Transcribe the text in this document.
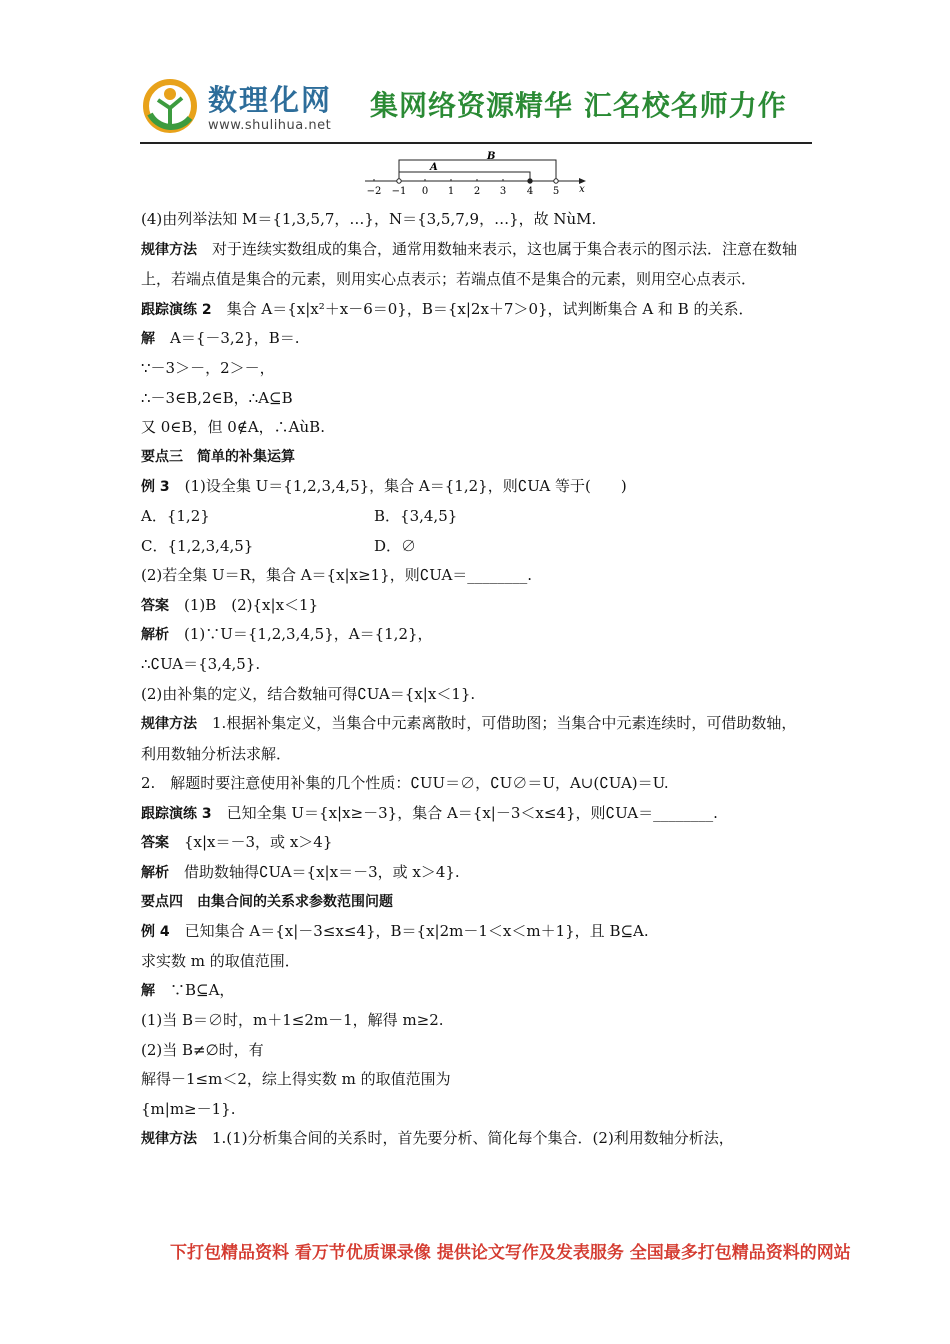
数理化网
www.shulihua.net
集网络资源精华 汇名校名师力作
B
A
−2 −1 0 1 2 3 4 5 x
(4)由列举法知 M＝{1,3,5,7，…}，N＝{3,5,7,9，…}，故 NùM.
规律方法　对于连续实数组成的集合，通常用数轴来表示，这也属于集合表示的图示法．注意在数轴上，若端点值是集合的元素，则用实心点表示；若端点值不是集合的元素，则用空心点表示．
跟踪演练 2　集合 A＝{x|x²＋x－6＝0}，B＝{x|2x＋7＞0}，试判断集合 A 和 B 的关系．
解　A＝{－3,2}，B＝.
∵－3＞－，2＞－，
∴－3∈B,2∈B，∴A⊆B
又 0∈B，但 0∉A，∴AùB.
要点三　简单的补集运算
例 3　(1)设全集 U＝{1,2,3,4,5}，集合 A＝{1,2}，则∁UA 等于(　　)
A．{1,2}	B．{3,4,5}
C．{1,2,3,4,5}	D．∅
(2)若全集 U＝R，集合 A＝{x|x≥1}，则∁UA＝________.
答案　(1)B　(2){x|x＜1}
解析　(1)∵U＝{1,2,3,4,5}，A＝{1,2}，
∴∁UA＝{3,4,5}.
(2)由补集的定义，结合数轴可得∁UA＝{x|x＜1}.
规律方法　1.根据补集定义，当集合中元素离散时，可借助图；当集合中元素连续时，可借助数轴，利用数轴分析法求解．
2.　解题时要注意使用补集的几个性质：∁UU＝∅，∁U∅＝U，A∪(∁UA)＝U.
跟踪演练 3　已知全集 U＝{x|x≥－3}，集合 A＝{x|－3＜x≤4}，则∁UA＝________.
答案　{x|x＝－3，或 x＞4}
解析　借助数轴得∁UA＝{x|x＝－3，或 x＞4}.
要点四　由集合间的关系求参数范围问题
例 4　已知集合 A＝{x|－3≤x≤4}，B＝{x|2m－1＜x＜m＋1}，且 B⊆A.
求实数 m 的取值范围．
解　∵B⊆A，
(1)当 B＝∅时，m＋1≤2m－1，解得 m≥2.
(2)当 B≠∅时，有
解得－1≤m＜2，综上得实数 m 的取值范围为
{m|m≥－1}.
规律方法　1.(1)分析集合间的关系时，首先要分析、简化每个集合．(2)利用数轴分析法，
下打包精品资料 看万节优质课录像 提供论文写作及发表服务 全国最多打包精品资料的网站
